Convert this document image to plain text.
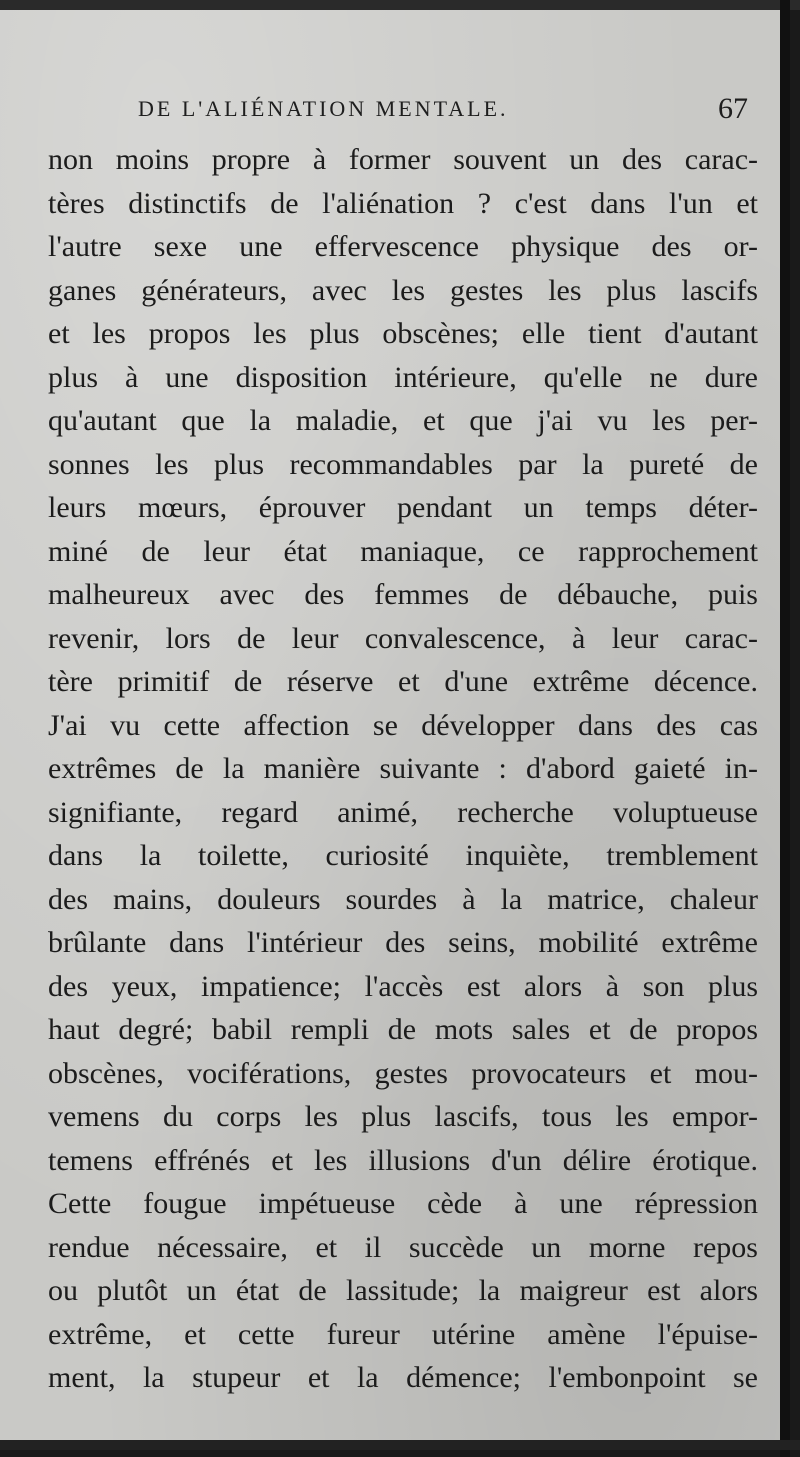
DE L'ALIÉNATION MENTALE.	67
non moins propre à former souvent un des carac-
tères distinctifs de l'aliénation ? c'est dans l'un et
l'autre sexe une effervescence physique des or-
ganes générateurs, avec les gestes les plus lascifs
et les propos les plus obscènes; elle tient d'autant
plus à une disposition intérieure, qu'elle ne dure
qu'autant que la maladie, et que j'ai vu les per-
sonnes les plus recommandables par la pureté de
leurs mœurs, éprouver pendant un temps déter-
miné de leur état maniaque, ce rapprochement
malheureux avec des femmes de débauche, puis
revenir, lors de leur convalescence, à leur carac-
tère primitif de réserve et d'une extrême décence.
J'ai vu cette affection se développer dans des cas
extrêmes de la manière suivante : d'abord gaieté in-
signifiante, regard animé, recherche voluptueuse
dans la toilette, curiosité inquiète, tremblement
des mains, douleurs sourdes à la matrice, chaleur
brûlante dans l'intérieur des seins, mobilité extrême
des yeux, impatience; l'accès est alors à son plus
haut degré; babil rempli de mots sales et de propos
obscènes, vociférations, gestes provocateurs et mou-
vemens du corps les plus lascifs, tous les empor-
temens effrénés et les illusions d'un délire érotique.
Cette fougue impétueuse cède à une répression
rendue nécessaire, et il succède un morne repos
ou plutôt un état de lassitude; la maigreur est alors
extrême, et cette fureur utérine amène l'épuise-
ment, la stupeur et la démence; l'embonpoint se
